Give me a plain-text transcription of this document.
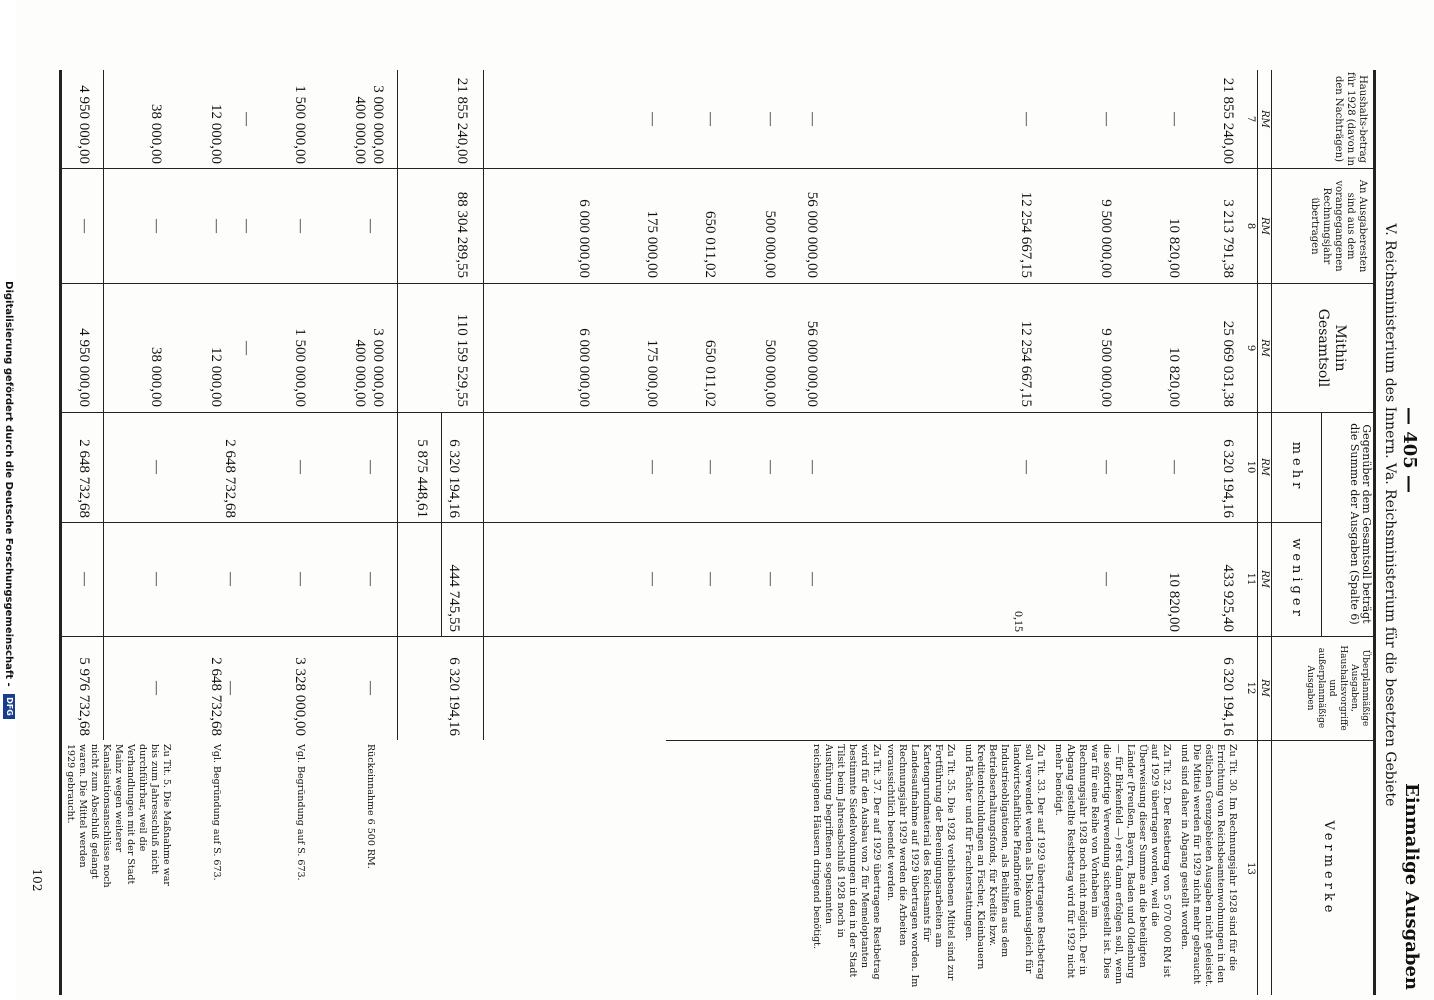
— 405 —
Einmalige Ausgaben
V. Reichsministerium des Innern. Va. Reichsministerium für die besetzten Gebiete
Haushalts-betrag für 1928 (davon in den Nachträgen)
An Ausgaberesten sind aus dem vorangegangenen Rechnungsjahr übertragen
Mithin Gesamtsoll
Gegenüber dem Gesamtsoll beträgt die Summe der Ausgaben (Spalte 6)
mehr
weniger
Überplanmäßige Ausgaben, Haushaltsvorgriffe und außerplanmäßige Ausgaben
Vermerke
RM
RM
RM
RM
RM
RM
7
8
9
10
11
12
13
21 855 240,00
3 213 791,38
25 069 031,38
6 320 194,16
433 925,40
6 320 194,16
—
10 820,00
10 820,00
—
10 820,00
—
9 500 000,00
9 500 000,00
—
—
—
12 254 667,15
12 254 667,15
—
0,15
—
56 000 000,00
56 000 000,00
—
—
—
175 000,00
175 000,00
—
—
—
650 011,02
650 011,02
—
—
—
500 000,00
500 000,00
—
—
6 000 000,00
6 000 000,00
Zu Tit. 30. Im Rechnungsjahr 1928 sind für die Errichtung von Reichsbeamtenwohnungen in den östlichen Grenzgebieten Ausgaben nicht geleistet. Die Mittel werden für 1929 nicht mehr gebraucht und sind daher in Abgang gestellt worden.
Zu Tit. 32. Der Restbetrag von 5 070 000 RM ist auf 1929 übertragen worden, weil die Überweisung dieser Summe an die beteiligten Länder (Preußen, Bayern, Baden und Oldenburg — für Birkenfeld —) erst dann erfolgen soll, wenn die sofortige Verwendung sichergestellt ist. Dies war für eine Reihe von Vorhaben im Rechnungsjahr 1928 noch nicht möglich. Der in Abgang gestellte Restbetrag wird für 1929 nicht mehr benötigt.
Zu Tit. 33. Der auf 1929 übertragene Restbetrag soll verwendet werden als Diskontausgleich für landwirtschaftliche Pfandbriefe und Industrieobligationen, als Beihilfen aus dem Betriebserhaltungsfonds, für Kredite bzw. Kreditentschuldungen an Fischer, Kleinbauern und Pächter und für Frachterstattungen.
Zu Tit. 35. Die 1928 verbliebenen Mittel sind zur Fortführung der Bereinigungsarbeiten am Kartengrundmaterial des Reichsamts für Landesaufnahme auf 1929 übertragen worden. Im Rechnungsjahr 1929 werden die Arbeiten voraussichtlich beendet werden.
Zu Tit. 37. Der auf 1929 übertragene Restbetrag wird für den Ausbau von 2 für Memeloptanten bestimmte Siedelwohnungen in den in der Stadt Tilsit beim Jahresabschluß 1928 noch in Ausführung begriffenen sogenannten reichseigenen Häusern dringend benötigt.
21 855 240,00
88 304 289,55
110 159 529,55
6 320 194,16
5 875 448,61
444 745,55
6 320 194,16
3 000 000,00
400 000,00
—
3 000 000,00
400 000,00
—
—
—
Rückeinnahme 6 500 RM.
1 500 000,00
—
1 500 000,00
—
—
3 328 000,00
Vgl. Begründung auf S. 673.
—
—
—
2 648 732,68
—
—
12 000,00
—
12 000,00
2 648 732,68
Vgl. Begründung auf S. 673.
38 000,00
—
38 000,00
—
—
—
Zu Tit. 5. Die Maßnahme war bis zum Jahresschluß nicht durchführbar, weil die Verhandlungen mit der Stadt Mainz wegen weiterer Kanalisationsanschlüsse noch nicht zum Abschluß gelangt waren. Die Mittel werden 1929 gebraucht.
4 950 000,00
—
4 950 000,00
2 648 732,68
—
5 976 732,68
102
Digitalisierung gefördert durch die Deutsche Forschungsgemeinschaft - DFG
